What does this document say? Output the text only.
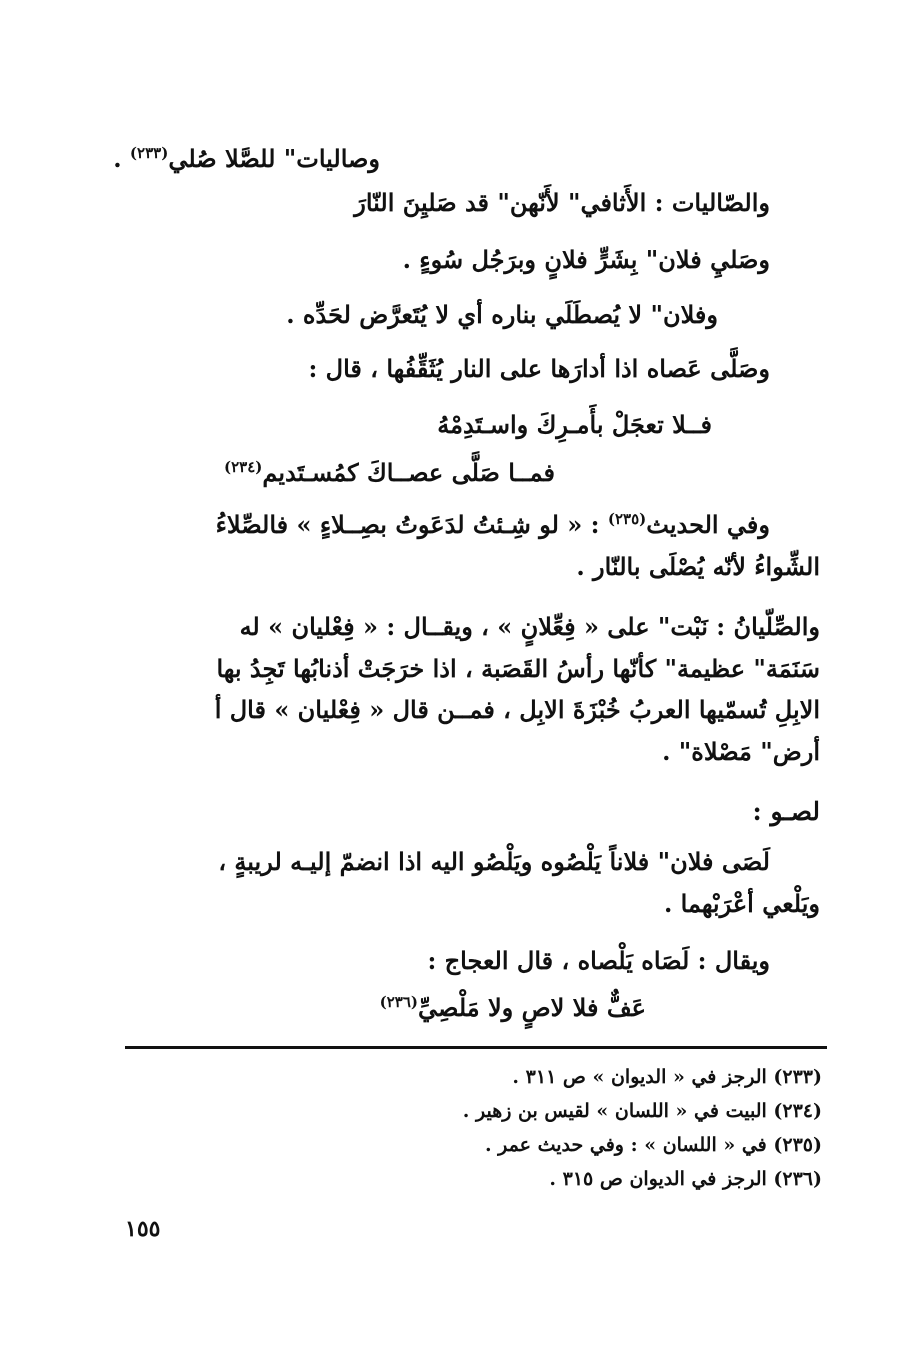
وصاليات" للصَّلا صُلي$^{(٢٣٣)}$ .
والصّاليات : الأَثافي" لأَنّهن" قد صَليِنَ النّارَ
وصَليِ فلان" بِشَرٍّ فلانٍ وبرَجُل سُوءٍ .
وفلان" لا يُصطَلَي بناره أي لا يُتَعرَّض لحَدِّه .
وصَلَّى عَصاه اذا أدارَها على النار يُثَقِّفُها ، قال :
فــلا تعجَلْ بأَمـرِكَ واسـتَدِمْهُ
فمــا صَلَّى عصــاكَ كمُسـتَديم$^{(٢٣٤)}$
وفي الحديث$^{(٢٣٥)}$ : « لو شِـئتُ لدَعَوتُ بصِــلاءٍ » فالصِّلاءُ
الشِّواءُ لأنّه يُصْلَى بالنّار .
والصِّلّيانُ : نَبْت" على « فِعِّلانٍ » ، ويقــال : « فِعْليان » له
سَنَمَة" عظيمة" كأنّها رأسُ القَصَبة ، اذا خرَجَتْ أذنابُها تَجِدُ بها
الابِلِ تُسمّيها العربُ خُبْزَةَ الابِل ، فمــن قال « فِعْليان » قال أ
أرض" مَصْلاة" .
لصـو :
لَصَى فلان" فلاناً يَلْصُوه ويَلْصُو اليه اذا انضمّ إليـه لريبةٍ ،
ويَلْعي أعْرَبْهما .
ويقال : لَصَاه يَلْصاه ، قال العجاج :
عَفٌّ فلا لاصٍ ولا مَلْصِيِّ$^{(٢٣٦)}$
(٢٣٣) الرجز في « الديوان » ص ٣١١ .
(٢٣٤) البيت في « اللسان » لقيس بن زهير .
(٢٣٥) في « اللسان » : وفي حديث عمر .
(٢٣٦) الرجز في الديوان ص ٣١٥ .
١٥٥
